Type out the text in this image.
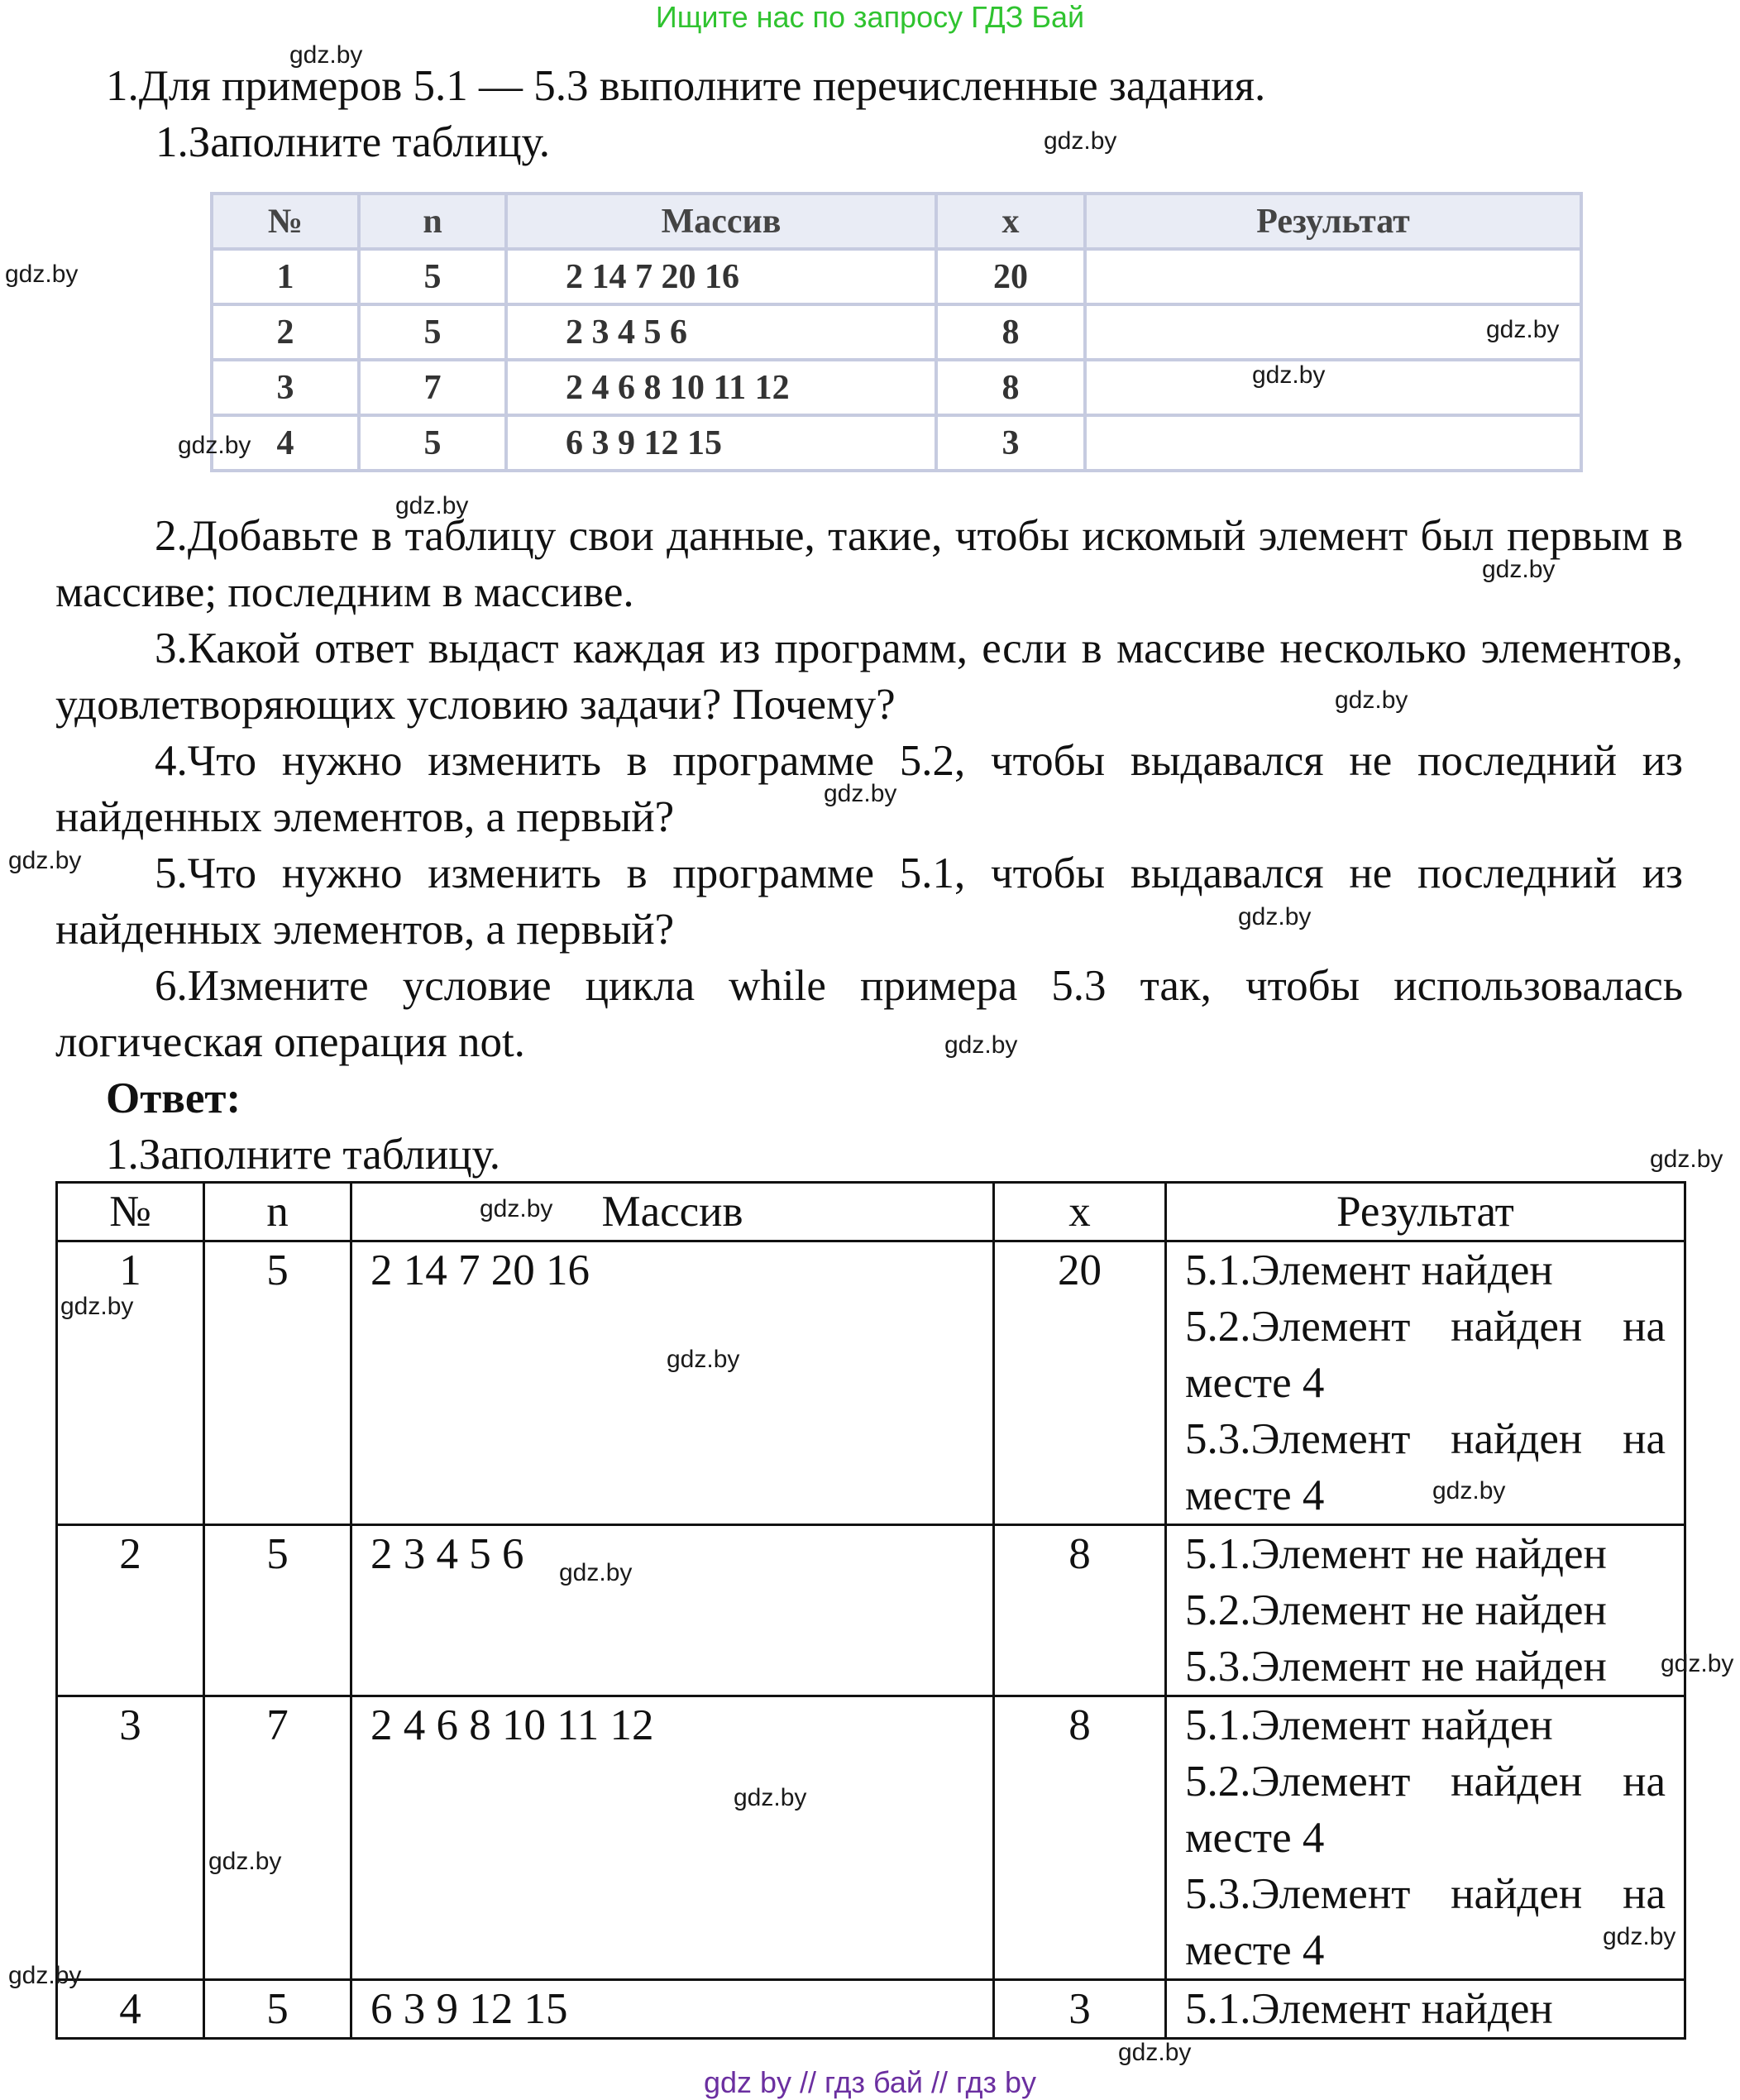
Ищите нас по запросу ГДЗ Бай
1.Для примеров 5.1 — 5.3 выполните перечисленные задания.
1.Заполните таблицу.
№	n	Массив	x	Результат
1	5	2 14 7 20 16	20	
2	5	2 3 4 5 6	8	
3	7	2 4 6 8 10 11 12	8	
4	5	6 3 9 12 15	3	
2.Добавьте в таблицу свои данные, такие, чтобы искомый элемент был первым в массиве; последним в массиве.
3.Какой ответ выдаст каждая из программ, если в массиве несколько элементов, удовлетворяющих условию задачи? Почему?
4.Что нужно изменить в программе 5.2, чтобы выдавался не последний из найденных элементов, а первый?
5.Что нужно изменить в программе 5.1, чтобы выдавался не последний из найденных элементов, а первый?
6.Измените условие цикла while примера 5.3 так, чтобы использовалась логическая операция not.
Ответ:
1.Заполните таблицу.
№	n	Массив	x	Результат
1	5	2 14 7 20 16	20	5.1.Элемент найден
5.2.Элемент найден на месте 4
5.3.Элемент найден на месте 4

2	5	2 3 4 5 6	8	5.1.Элемент не найден
5.2.Элемент не найден
5.3.Элемент не найден

3	7	2 4 6 8 10 11 12	8	5.1.Элемент найден
5.2.Элемент найден на месте 4
5.3.Элемент найден на месте 4

4	5	6 3 9 12 15	3	5.1.Элемент найден
gdz.by
gdz.by
gdz.by
gdz.by
gdz.by
gdz.by
gdz.by
gdz.by
gdz.by
gdz.by
gdz.by
gdz.by
gdz.by
gdz.by
gdz.by
gdz.by
gdz.by
gdz.by
gdz.by
gdz.by
gdz.by
gdz.by
gdz.by
gdz.by
gdz.by
gdz by // гдз бай // гдз by
